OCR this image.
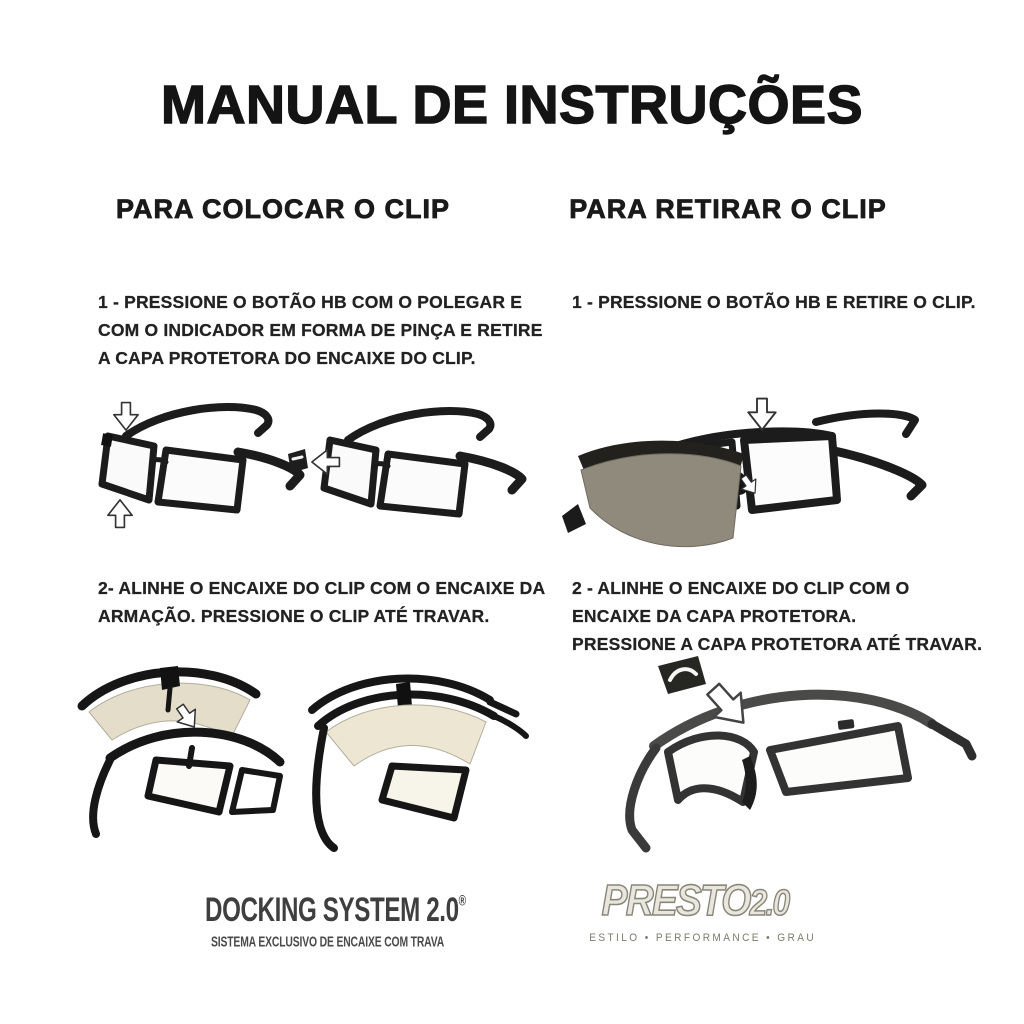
MANUAL DE INSTRUÇÕES
PARA COLOCAR O CLIP	PARA RETIRAR O CLIP
1 - PRESSIONE O BOTÃO HB COM O POLEGAR E
COM O INDICADOR EM FORMA DE PINÇA E RETIRE
A CAPA PROTETORA DO ENCAIXE DO CLIP.
1 - PRESSIONE O BOTÃO HB E RETIRE O CLIP.
2- ALINHE O ENCAIXE DO CLIP COM O ENCAIXE DA
ARMAÇÃO. PRESSIONE O CLIP ATÉ TRAVAR.
2 - ALINHE O ENCAIXE DO CLIP COM O
ENCAIXE DA CAPA PROTETORA.
PRESSIONE A CAPA PROTETORA ATÉ TRAVAR.
DOCKING SYSTEM 2.0®
SISTEMA EXCLUSIVO DE ENCAIXE COM TRAVA
PRESTO2.0
ESTILO • PERFORMANCE • GRAU
